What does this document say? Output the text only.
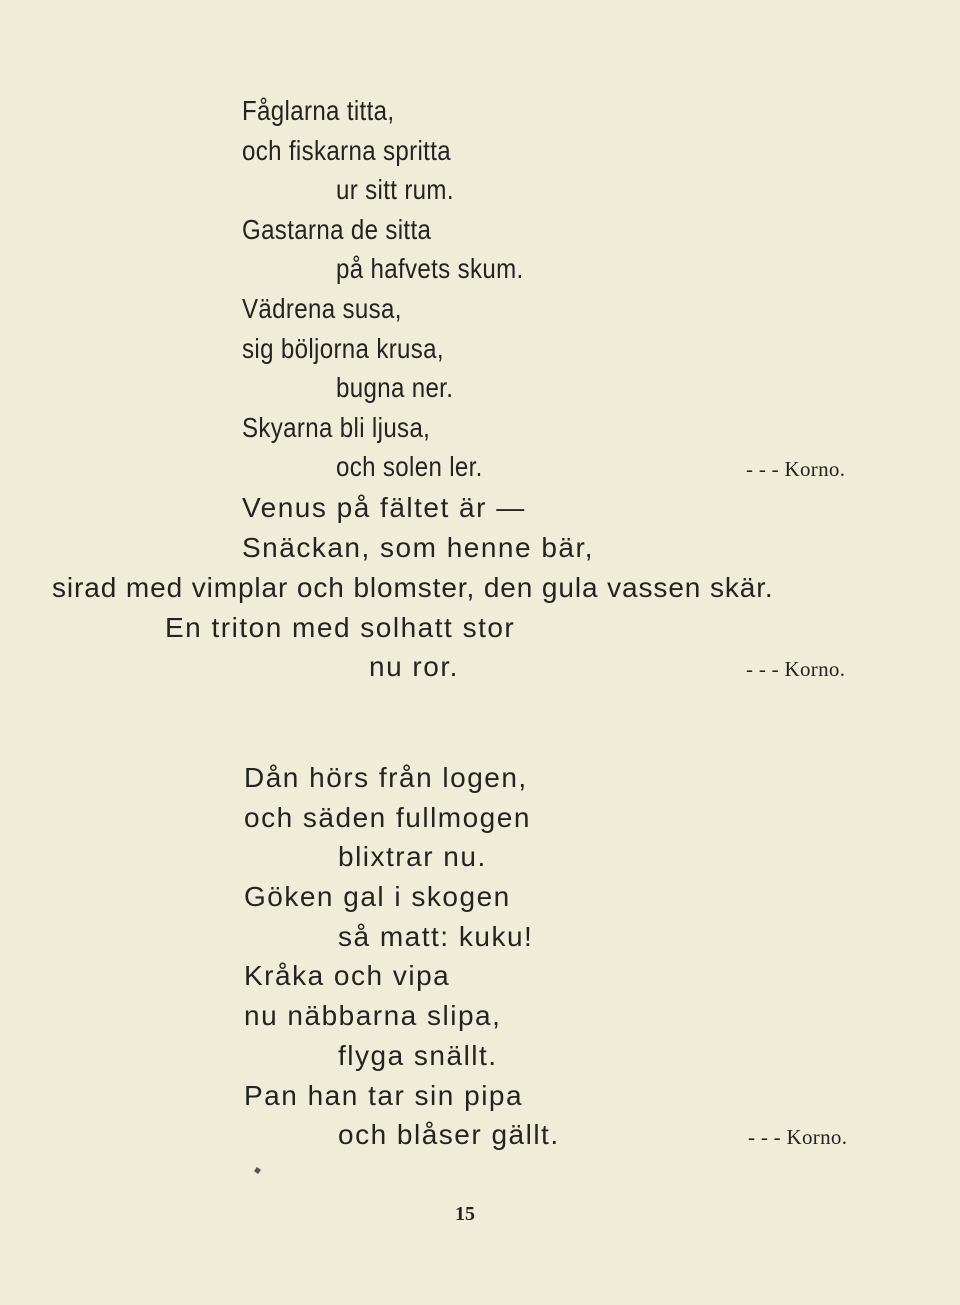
Fåglarna titta,
och fiskarna spritta
ur sitt rum.
Gastarna de sitta
på hafvets skum.
Vädrena susa,
sig böljorna krusa,
bugna ner.
Skyarna bli ljusa,
och solen ler.	- - - Korno.
Venus på fältet är —
Snäckan, som henne bär,
sirad med vimplar och blomster, den gula vassen skär.
En triton med solhatt stor
nu ror.	- - - Korno.
Dån hörs från logen,
och säden fullmogen
blixtrar nu.
Göken gal i skogen
så matt: kuku!
Kråka och vipa
nu näbbarna slipa,
flyga snällt.
Pan han tar sin pipa
och blåser gällt.	- - - Korno.
15
